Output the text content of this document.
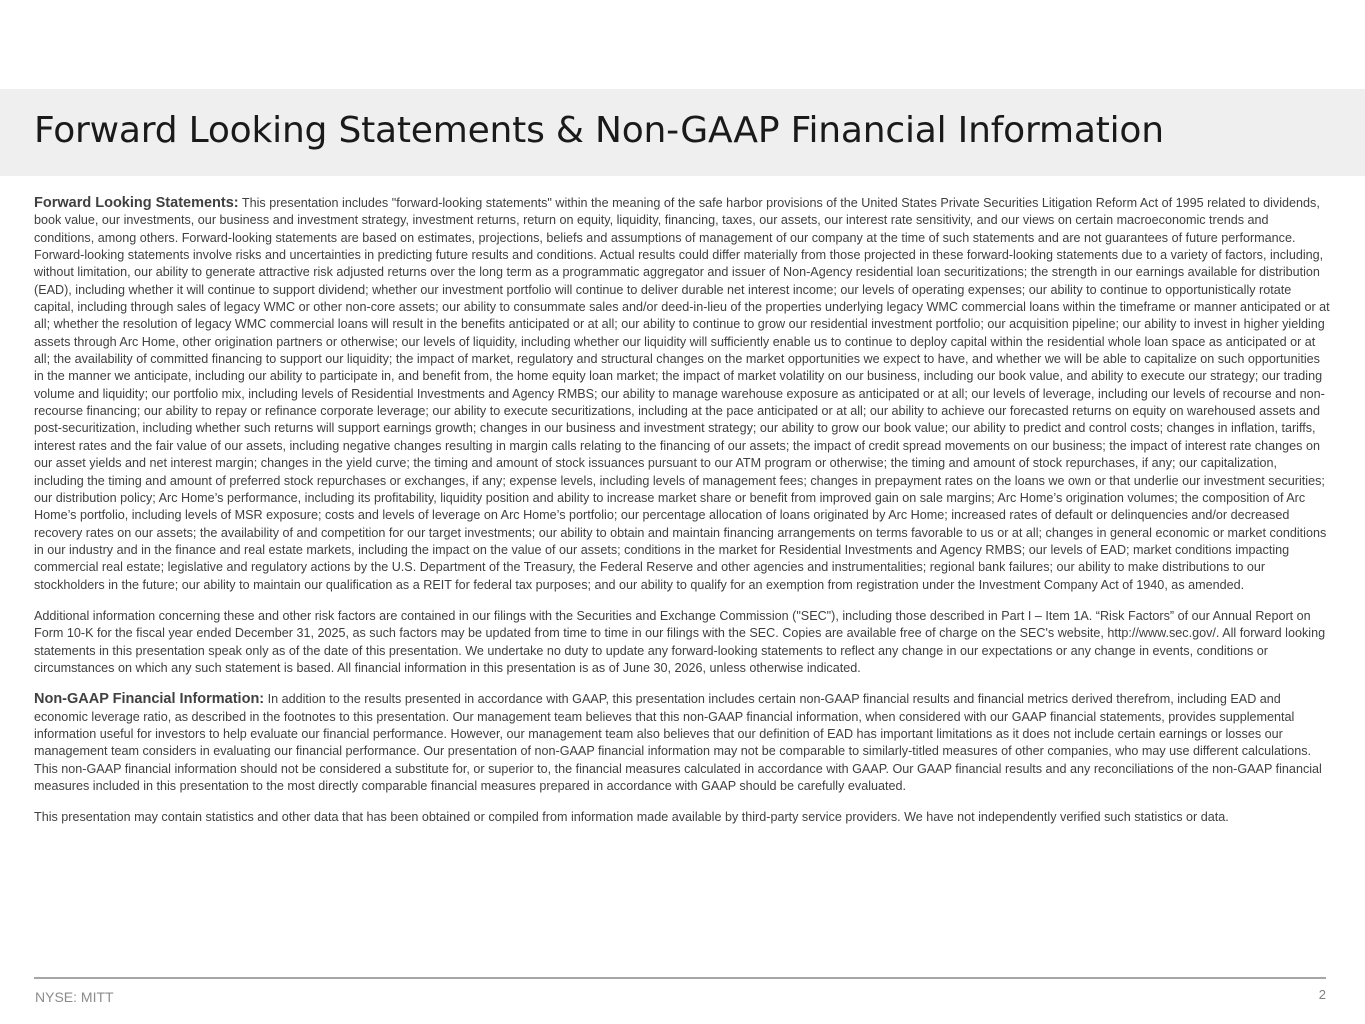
Forward Looking Statements & Non-GAAP Financial Information

Forward Looking Statements: This presentation includes "forward-looking statements" within the meaning of the safe harbor provisions of the United States Private Securities Litigation Reform Act of 1995 related to dividends, book value, our investments, our business and investment strategy, investment returns, return on equity, liquidity, financing, taxes, our assets, our interest rate sensitivity, and our views on certain macroeconomic trends and conditions, among others. Forward-looking statements are based on estimates, projections, beliefs and assumptions of management of our company at the time of such statements and are not guarantees of future performance. Forward-looking statements involve risks and uncertainties in predicting future results and conditions. Actual results could differ materially from those projected in these forward-looking statements due to a variety of factors, including, without limitation, our ability to generate attractive risk adjusted returns over the long term as a programmatic aggregator and issuer of Non-Agency residential loan securitizations; the strength in our earnings available for distribution (EAD), including whether it will continue to support dividend; whether our investment portfolio will continue to deliver durable net interest income; our levels of operating expenses; our ability to continue to opportunistically rotate capital, including through sales of legacy WMC or other non-core assets; our ability to consummate sales and/or deed-in-lieu of the properties underlying legacy WMC commercial loans within the timeframe or manner anticipated or at all; whether the resolution of legacy WMC commercial loans will result in the benefits anticipated or at all; our ability to continue to grow our residential investment portfolio; our acquisition pipeline; our ability to invest in higher yielding assets through Arc Home, other origination partners or otherwise; our levels of liquidity, including whether our liquidity will sufficiently enable us to continue to deploy capital within the residential whole loan space as anticipated or at all; the availability of committed financing to support our liquidity; the impact of market, regulatory and structural changes on the market opportunities we expect to have, and whether we will be able to capitalize on such opportunities in the manner we anticipate, including our ability to participate in, and benefit from, the home equity loan market; the impact of market volatility on our business, including our book value, and ability to execute our strategy; our trading volume and liquidity; our portfolio mix, including levels of Residential Investments and Agency RMBS; our ability to manage warehouse exposure as anticipated or at all; our levels of leverage, including our levels of recourse and non-recourse financing; our ability to repay or refinance corporate leverage; our ability to execute securitizations, including at the pace anticipated or at all; our ability to achieve our forecasted returns on equity on warehoused assets and post-securitization, including whether such returns will support earnings growth; changes in our business and investment strategy; our ability to grow our book value; our ability to predict and control costs; changes in inflation, tariffs, interest rates and the fair value of our assets, including negative changes resulting in margin calls relating to the financing of our assets; the impact of credit spread movements on our business; the impact of interest rate changes on our asset yields and net interest margin; changes in the yield curve; the timing and amount of stock issuances pursuant to our ATM program or otherwise; the timing and amount of stock repurchases, if any; our capitalization, including the timing and amount of preferred stock repurchases or exchanges, if any; expense levels, including levels of management fees; changes in prepayment rates on the loans we own or that underlie our investment securities; our distribution policy; Arc Home’s performance, including its profitability, liquidity position and ability to increase market share or benefit from improved gain on sale margins; Arc Home’s origination volumes; the composition of Arc Home’s portfolio, including levels of MSR exposure; costs and levels of leverage on Arc Home’s portfolio; our percentage allocation of loans originated by Arc Home; increased rates of default or delinquencies and/or decreased recovery rates on our assets; the availability of and competition for our target investments; our ability to obtain and maintain financing arrangements on terms favorable to us or at all; changes in general economic or market conditions in our industry and in the finance and real estate markets, including the impact on the value of our assets; conditions in the market for Residential Investments and Agency RMBS; our levels of EAD; market conditions impacting commercial real estate; legislative and regulatory actions by the U.S. Department of the Treasury, the Federal Reserve and other agencies and instrumentalities; regional bank failures; our ability to make distributions to our stockholders in the future; our ability to maintain our qualification as a REIT for federal tax purposes; and our ability to qualify for an exemption from registration under the Investment Company Act of 1940, as amended.

Additional information concerning these and other risk factors are contained in our filings with the Securities and Exchange Commission ("SEC"), including those described in Part I – Item 1A. “Risk Factors” of our Annual Report on Form 10-K for the fiscal year ended December 31, 2025, as such factors may be updated from time to time in our filings with the SEC. Copies are available free of charge on the SEC's website, http://www.sec.gov/. All forward looking statements in this presentation speak only as of the date of this presentation. We undertake no duty to update any forward-looking statements to reflect any change in our expectations or any change in events, conditions or circumstances on which any such statement is based. All financial information in this presentation is as of June 30, 2026, unless otherwise indicated.

Non-GAAP Financial Information: In addition to the results presented in accordance with GAAP, this presentation includes certain non-GAAP financial results and financial metrics derived therefrom, including EAD and economic leverage ratio, as described in the footnotes to this presentation. Our management team believes that this non-GAAP financial information, when considered with our GAAP financial statements, provides supplemental information useful for investors to help evaluate our financial performance. However, our management team also believes that our definition of EAD has important limitations as it does not include certain earnings or losses our management team considers in evaluating our financial performance. Our presentation of non-GAAP financial information may not be comparable to similarly-titled measures of other companies, who may use different calculations. This non-GAAP financial information should not be considered a substitute for, or superior to, the financial measures calculated in accordance with GAAP. Our GAAP financial results and any reconciliations of the non-GAAP financial measures included in this presentation to the most directly comparable financial measures prepared in accordance with GAAP should be carefully evaluated.

This presentation may contain statistics and other data that has been obtained or compiled from information made available by third-party service providers. We have not independently verified such statistics or data.

NYSE: MITT	2
